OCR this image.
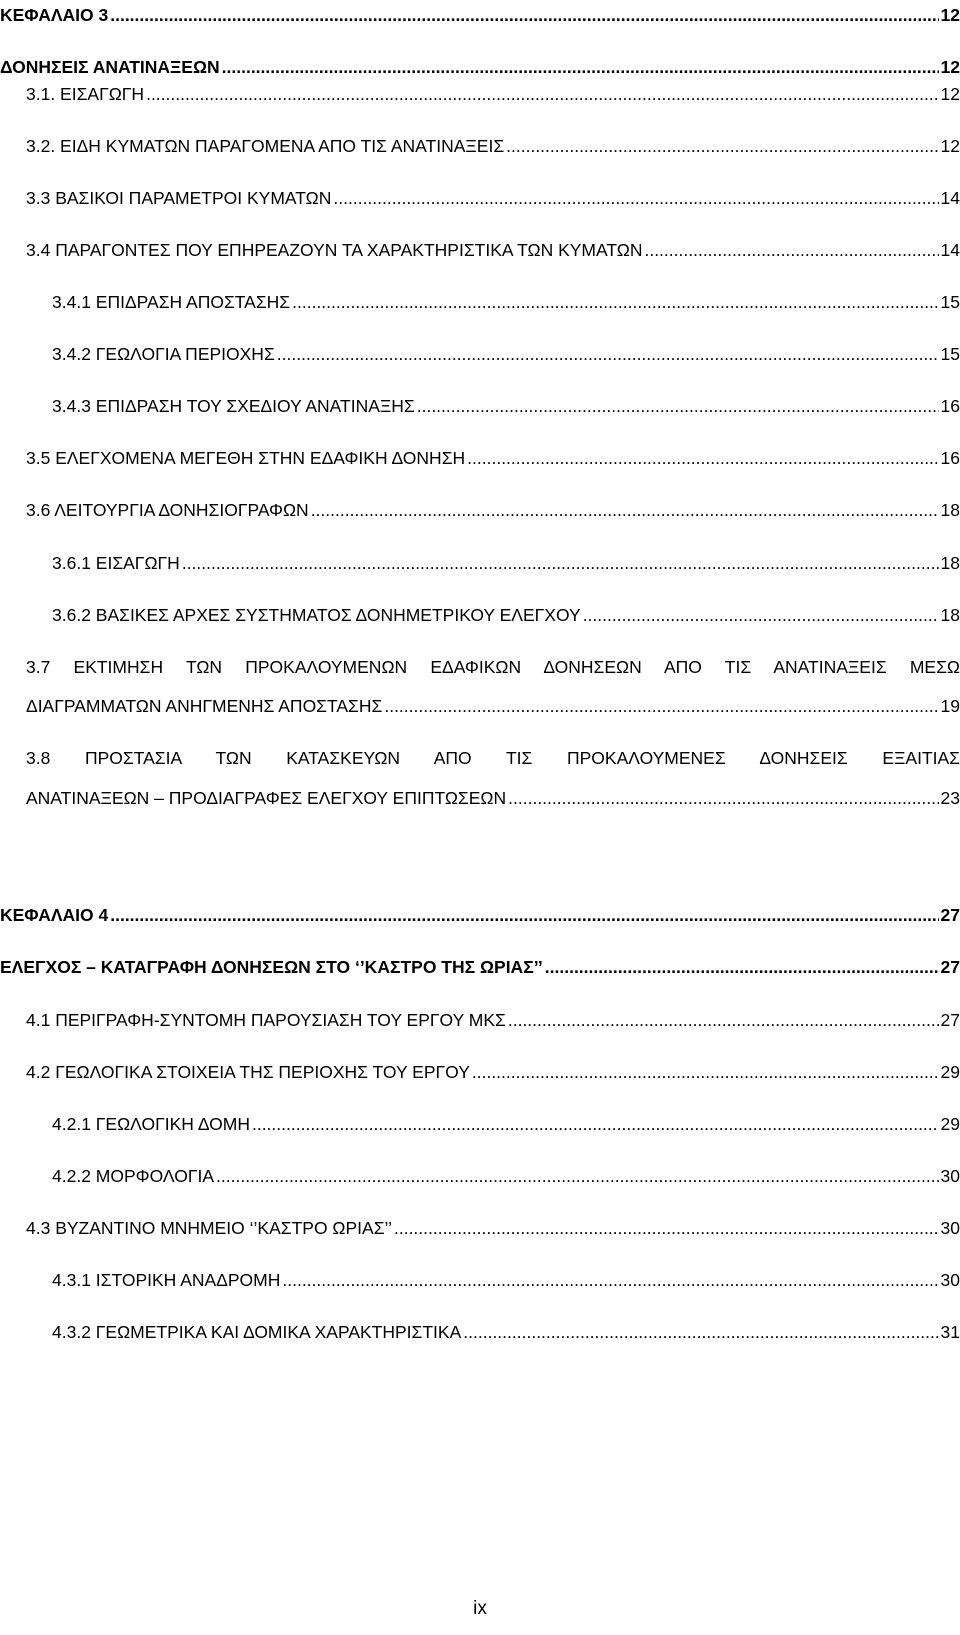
ΚΕΦΑΛΑΙΟ 3 .....	12
ΔΟΝΗΣΕΙΣ ΑΝΑΤΙΝΑΞΕΩΝ .....	12
3.1. ΕΙΣΑΓΩΓΗ .....	12
3.2. ΕΙΔΗ ΚΥΜΑΤΩΝ ΠΑΡΑΓΟΜΕΝΑ ΑΠΟ ΤΙΣ ΑΝΑΤΙΝΑΞΕΙΣ .....	12
3.3 ΒΑΣΙΚΟΙ ΠΑΡΑΜΕΤΡΟΙ ΚΥΜΑΤΩΝ .....	14
3.4 ΠΑΡΑΓΟΝΤΕΣ ΠΟΥ ΕΠΗΡΕΑΖΟΥΝ ΤΑ ΧΑΡΑΚΤΗΡΙΣΤΙΚΑ ΤΩΝ ΚΥΜΑΤΩΝ .....	14
3.4.1 ΕΠΙΔΡΑΣΗ ΑΠΟΣΤΑΣΗΣ .....	15
3.4.2 ΓΕΩΛΟΓΙΑ ΠΕΡΙΟΧΗΣ .....	15
3.4.3 ΕΠΙΔΡΑΣΗ ΤΟΥ ΣΧΕΔΙΟΥ ΑΝΑΤΙΝΑΞΗΣ .....	16
3.5 ΕΛΕΓΧΟΜΕΝΑ ΜΕΓΕΘΗ ΣΤΗΝ ΕΔΑΦΙΚΗ ΔΟΝΗΣΗ .....	16
3.6 ΛΕΙΤΟΥΡΓΙΑ ΔΟΝΗΣΙΟΓΡΑΦΩΝ .....	18
3.6.1 ΕΙΣΑΓΩΓΗ .....	18
3.6.2 ΒΑΣΙΚΕΣ ΑΡΧΕΣ ΣΥΣΤΗΜΑΤΟΣ ΔΟΝΗΜΕΤΡΙΚΟΥ ΕΛΕΓΧΟΥ .....	18
3.7 ΕΚΤΙΜΗΣΗ ΤΩΝ ΠΡΟΚΑΛΟΥΜΕΝΩΝ ΕΔΑΦΙΚΩΝ ΔΟΝΗΣΕΩΝ ΑΠΟ ΤΙΣ ΑΝΑΤΙΝΑΞΕΙΣ ΜΕΣΩ
ΔΙΑΓΡΑΜΜΑΤΩΝ ΑΝΗΓΜΕΝΗΣ ΑΠΟΣΤΑΣΗΣ .....	19
3.8 ΠΡΟΣΤΑΣΙΑ ΤΩΝ ΚΑΤΑΣΚΕΥΩΝ ΑΠΟ ΤΙΣ ΠΡΟΚΑΛΟΥΜΕΝΕΣ ΔΟΝΗΣΕΙΣ ΕΞΑΙΤΙΑΣ
ΑΝΑΤΙΝΑΞΕΩΝ – ΠΡΟΔΙΑΓΡΑΦΕΣ ΕΛΕΓΧΟΥ ΕΠΙΠΤΩΣΕΩΝ .....	23
ΚΕΦΑΛΑΙΟ 4 .....	27
ΕΛΕΓΧΟΣ – ΚΑΤΑΓΡΑΦΗ ΔΟΝΗΣΕΩΝ ΣΤΟ ‘’ΚΑΣΤΡΟ ΤΗΣ ΩΡΙΑΣ’’ .....	27
4.1 ΠΕΡΙΓΡΑΦΗ-ΣΥΝΤΟΜΗ ΠΑΡΟΥΣΙΑΣΗ ΤΟΥ ΕΡΓΟΥ ΜΚΣ .....	27
4.2 ΓΕΩΛΟΓΙΚΑ ΣΤΟΙΧΕΙΑ ΤΗΣ ΠΕΡΙΟΧΗΣ ΤΟΥ ΕΡΓΟΥ .....	29
4.2.1 ΓΕΩΛΟΓΙΚΗ ΔΟΜΗ .....	29
4.2.2 ΜΟΡΦΟΛΟΓΙΑ .....	30
4.3 ΒΥΖΑΝΤΙΝΟ ΜΝΗΜΕΙΟ ‘’ΚΑΣΤΡΟ ΩΡΙΑΣ’’ .....	30
4.3.1 ΙΣΤΟΡΙΚΗ ΑΝΑΔΡΟΜΗ .....	30
4.3.2 ΓΕΩΜΕΤΡΙΚΑ ΚΑΙ ΔΟΜΙΚΑ ΧΑΡΑΚΤΗΡΙΣΤΙΚΑ .....	31
ix
